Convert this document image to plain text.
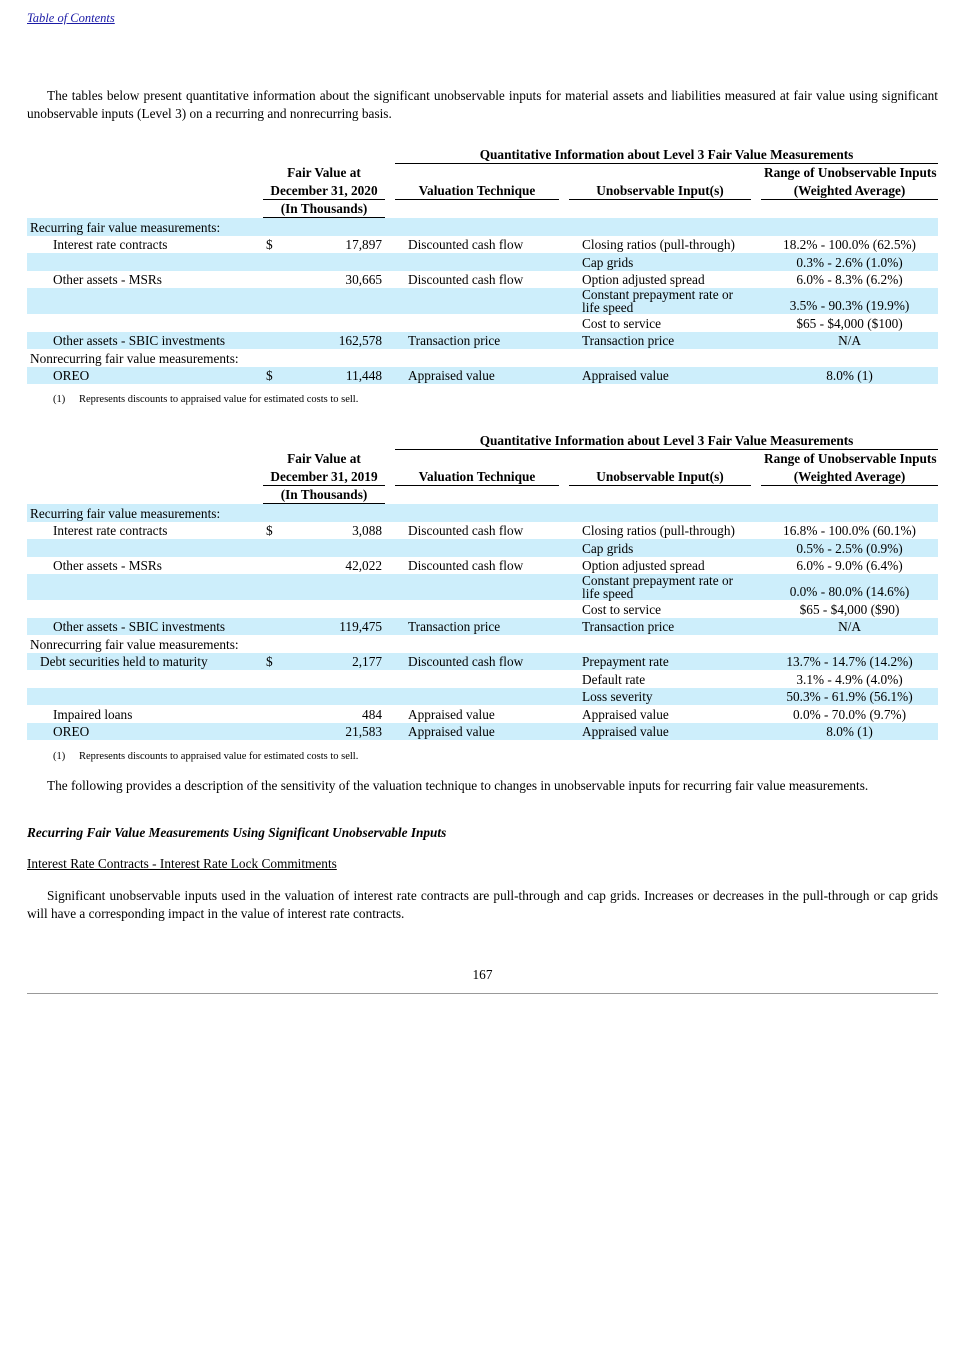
Table of Contents
The tables below present quantitative information about the significant unobservable inputs for material assets and liabilities measured at fair value using significant unobservable inputs (Level 3) on a recurring and nonrecurring basis.
				Quantitative Information about Level 3 Fair Value Measurements				
	Fair Value at							Range of Unobservable Inputs
	December 31, 2020			Valuation Technique		Unobservable Input(s)		(Weighted Average)
	(In Thousands)							
Recurring fair value measurements:								
Interest rate contracts	$	17,897		Discounted cash flow		Closing ratios (pull-through)		18.2% - 100.0% (62.5%)
						Cap grids		0.3% - 2.6% (1.0%)
Other assets - MSRs		30,665		Discounted cash flow		Option adjusted spread		6.0% - 8.3% (6.2%)
						Constant prepayment rate or life speed		3.5% - 90.3% (19.9%)
						Cost to service		$65 - $4,000 ($100)
Other assets - SBIC investments		162,578		Transaction price		Transaction price		N/A
Nonrecurring fair value measurements:								
OREO	$	11,448		Appraised value		Appraised value		8.0% (1)
(1) Represents discounts to appraised value for estimated costs to sell.
				Quantitative Information about Level 3 Fair Value Measurements				
	Fair Value at							Range of Unobservable Inputs
	December 31, 2019			Valuation Technique		Unobservable Input(s)		(Weighted Average)
	(In Thousands)							
Recurring fair value measurements:								
Interest rate contracts	$	3,088		Discounted cash flow		Closing ratios (pull-through)		16.8% - 100.0% (60.1%)
						Cap grids		0.5% - 2.5% (0.9%)
Other assets - MSRs		42,022		Discounted cash flow		Option adjusted spread		6.0% - 9.0% (6.4%)
						Constant prepayment rate or life speed		0.0% - 80.0% (14.6%)
						Cost to service		$65 - $4,000 ($90)
Other assets - SBIC investments		119,475		Transaction price		Transaction price		N/A
Nonrecurring fair value measurements:								
Debt securities held to maturity	$	2,177		Discounted cash flow		Prepayment rate		13.7% - 14.7% (14.2%)
						Default rate		3.1% - 4.9% (4.0%)
						Loss severity		50.3% - 61.9% (56.1%)
Impaired loans		484		Appraised value		Appraised value		0.0% - 70.0% (9.7%)
OREO		21,583		Appraised value		Appraised value		8.0% (1)
(1) Represents discounts to appraised value for estimated costs to sell.
The following provides a description of the sensitivity of the valuation technique to changes in unobservable inputs for recurring fair value measurements.
Recurring Fair Value Measurements Using Significant Unobservable Inputs
Interest Rate Contracts - Interest Rate Lock Commitments
Significant unobservable inputs used in the valuation of interest rate contracts are pull-through and cap grids. Increases or decreases in the pull-through or cap grids will have a corresponding impact in the value of interest rate contracts.
167
